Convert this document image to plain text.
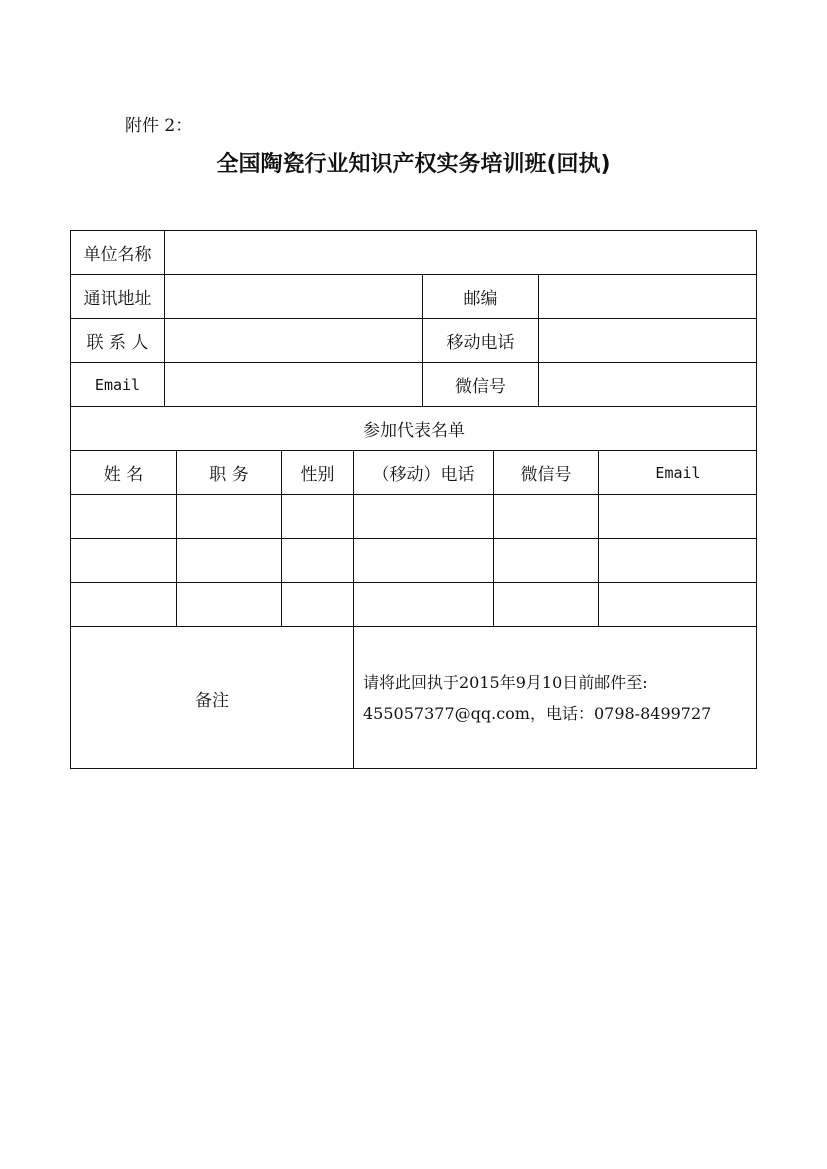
附件 2：
全国陶瓷行业知识产权实务培训班(回执)
单位名称
通讯地址	邮编
联 系 人	移动电话
Email	微信号
参加代表名单
姓 名	职 务	性别	（移动）电话	微信号	Email
备注
请将此回执于2015年9月10日前邮件至:
455057377@qq.com，电话：0798-8499727
